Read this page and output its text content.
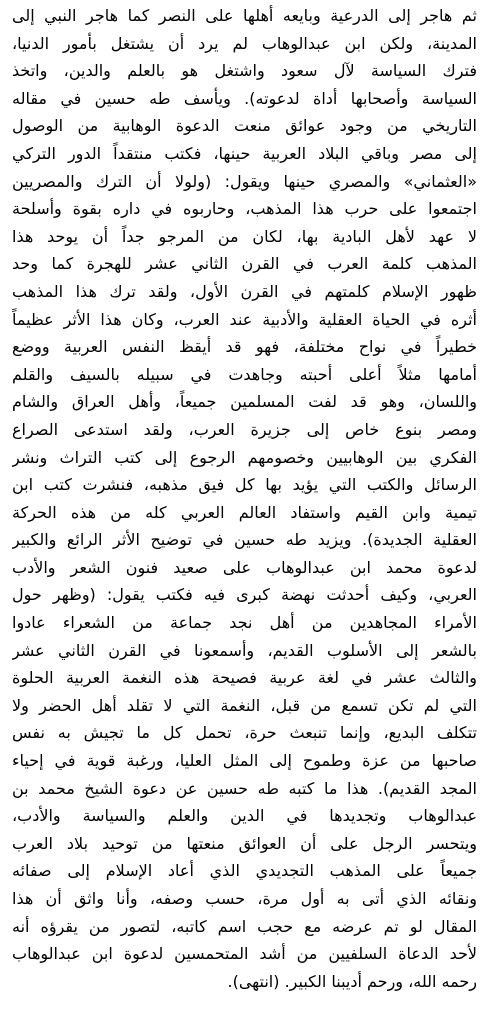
ثم هاجر إلى الدرعية وبايعه أهلها على النصر كما هاجر النبي إلى
المدينة، ولكن ابن عبدالوهاب لم يرد أن يشتغل بأمور الدنيا،
فترك السياسة لآل سعود واشتغل هو بالعلم والدين، واتخذ
السياسة وأصحابها أداة لدعوته). ويأسف طه حسين في مقاله
التاريخي من وجود عوائق منعت الدعوة الوهابية من الوصول
إلى مصر وباقي البلاد العربية حينها، فكتب منتقداً الدور التركي
«العثماني» والمصري حينها ويقول: (ولولا أن الترك والمصريين
اجتمعوا على حرب هذا المذهب، وحاربوه في داره بقوة وأسلحة
لا عهد لأهل البادية بها، لكان من المرجو جداً أن يوحد هذا
المذهب كلمة العرب في القرن الثاني عشر للهجرة كما وحد
ظهور الإسلام كلمتهم في القرن الأول، ولقد ترك هذا المذهب
أثره في الحياة العقلية والأدبية عند العرب، وكان هذا الأثر عظيماً
خطيراً في نواح مختلفة، فهو قد أيقظ النفس العربية ووضع
أمامها مثلاً أعلى أحبته وجاهدت في سبيله بالسيف والقلم
واللسان، وهو قد لفت المسلمين جميعاً، وأهل العراق والشام
ومصر بنوع خاص إلى جزيرة العرب، ولقد استدعى الصراع
الفكري بين الوهابيين وخصومهم الرجوع إلى كتب التراث ونشر
الرسائل والكتب التي يؤيد بها كل فيق مذهبه، فنشرت كتب ابن
تيمية وابن القيم واستفاد العالم العربي كله من هذه الحركة
العقلية الجديدة). ويزيد طه حسين في توضيح الأثر الرائع والكبير
لدعوة محمد ابن عبدالوهاب على صعيد فنون الشعر والأدب
العربي، وكيف أحدثت نهضة كبرى فيه فكتب يقول: (وظهر حول
الأمراء المجاهدين من أهل نجد جماعة من الشعراء عادوا
بالشعر إلى الأسلوب القديم، وأسمعونا في القرن الثاني عشر
والثالث عشر في لغة عربية فصيحة هذه النغمة العربية الحلوة
التي لم تكن تسمع من قبل، النغمة التي لا تقلد أهل الحضر ولا
تتكلف البديع، وإنما تنبعث حرة، تحمل كل ما تجيش به نفس
صاحبها من عزة وطموح إلى المثل العليا، ورغبة قوية في إحياء
المجد القديم). هذا ما كتبه طه حسين عن دعوة الشيخ محمد بن
عبدالوهاب وتجديدها في الدين والعلم والسياسة والأدب،
ويتحسر الرجل على أن العوائق منعتها من توحيد بلاد العرب
جميعاً على المذهب التجديدي الذي أعاد الإسلام إلى صفائه
ونقائه الذي أتى به أول مرة، حسب وصفه، وأنا واثق أن هذا
المقال لو تم عرضه مع حجب اسم كاتبه، لتصور من يقرؤه أنه
لأحد الدعاة السلفيين من أشد المتحمسين لدعوة ابن عبدالوهاب
رحمه الله، ورحم أديبنا الكبير. (انتهى).
